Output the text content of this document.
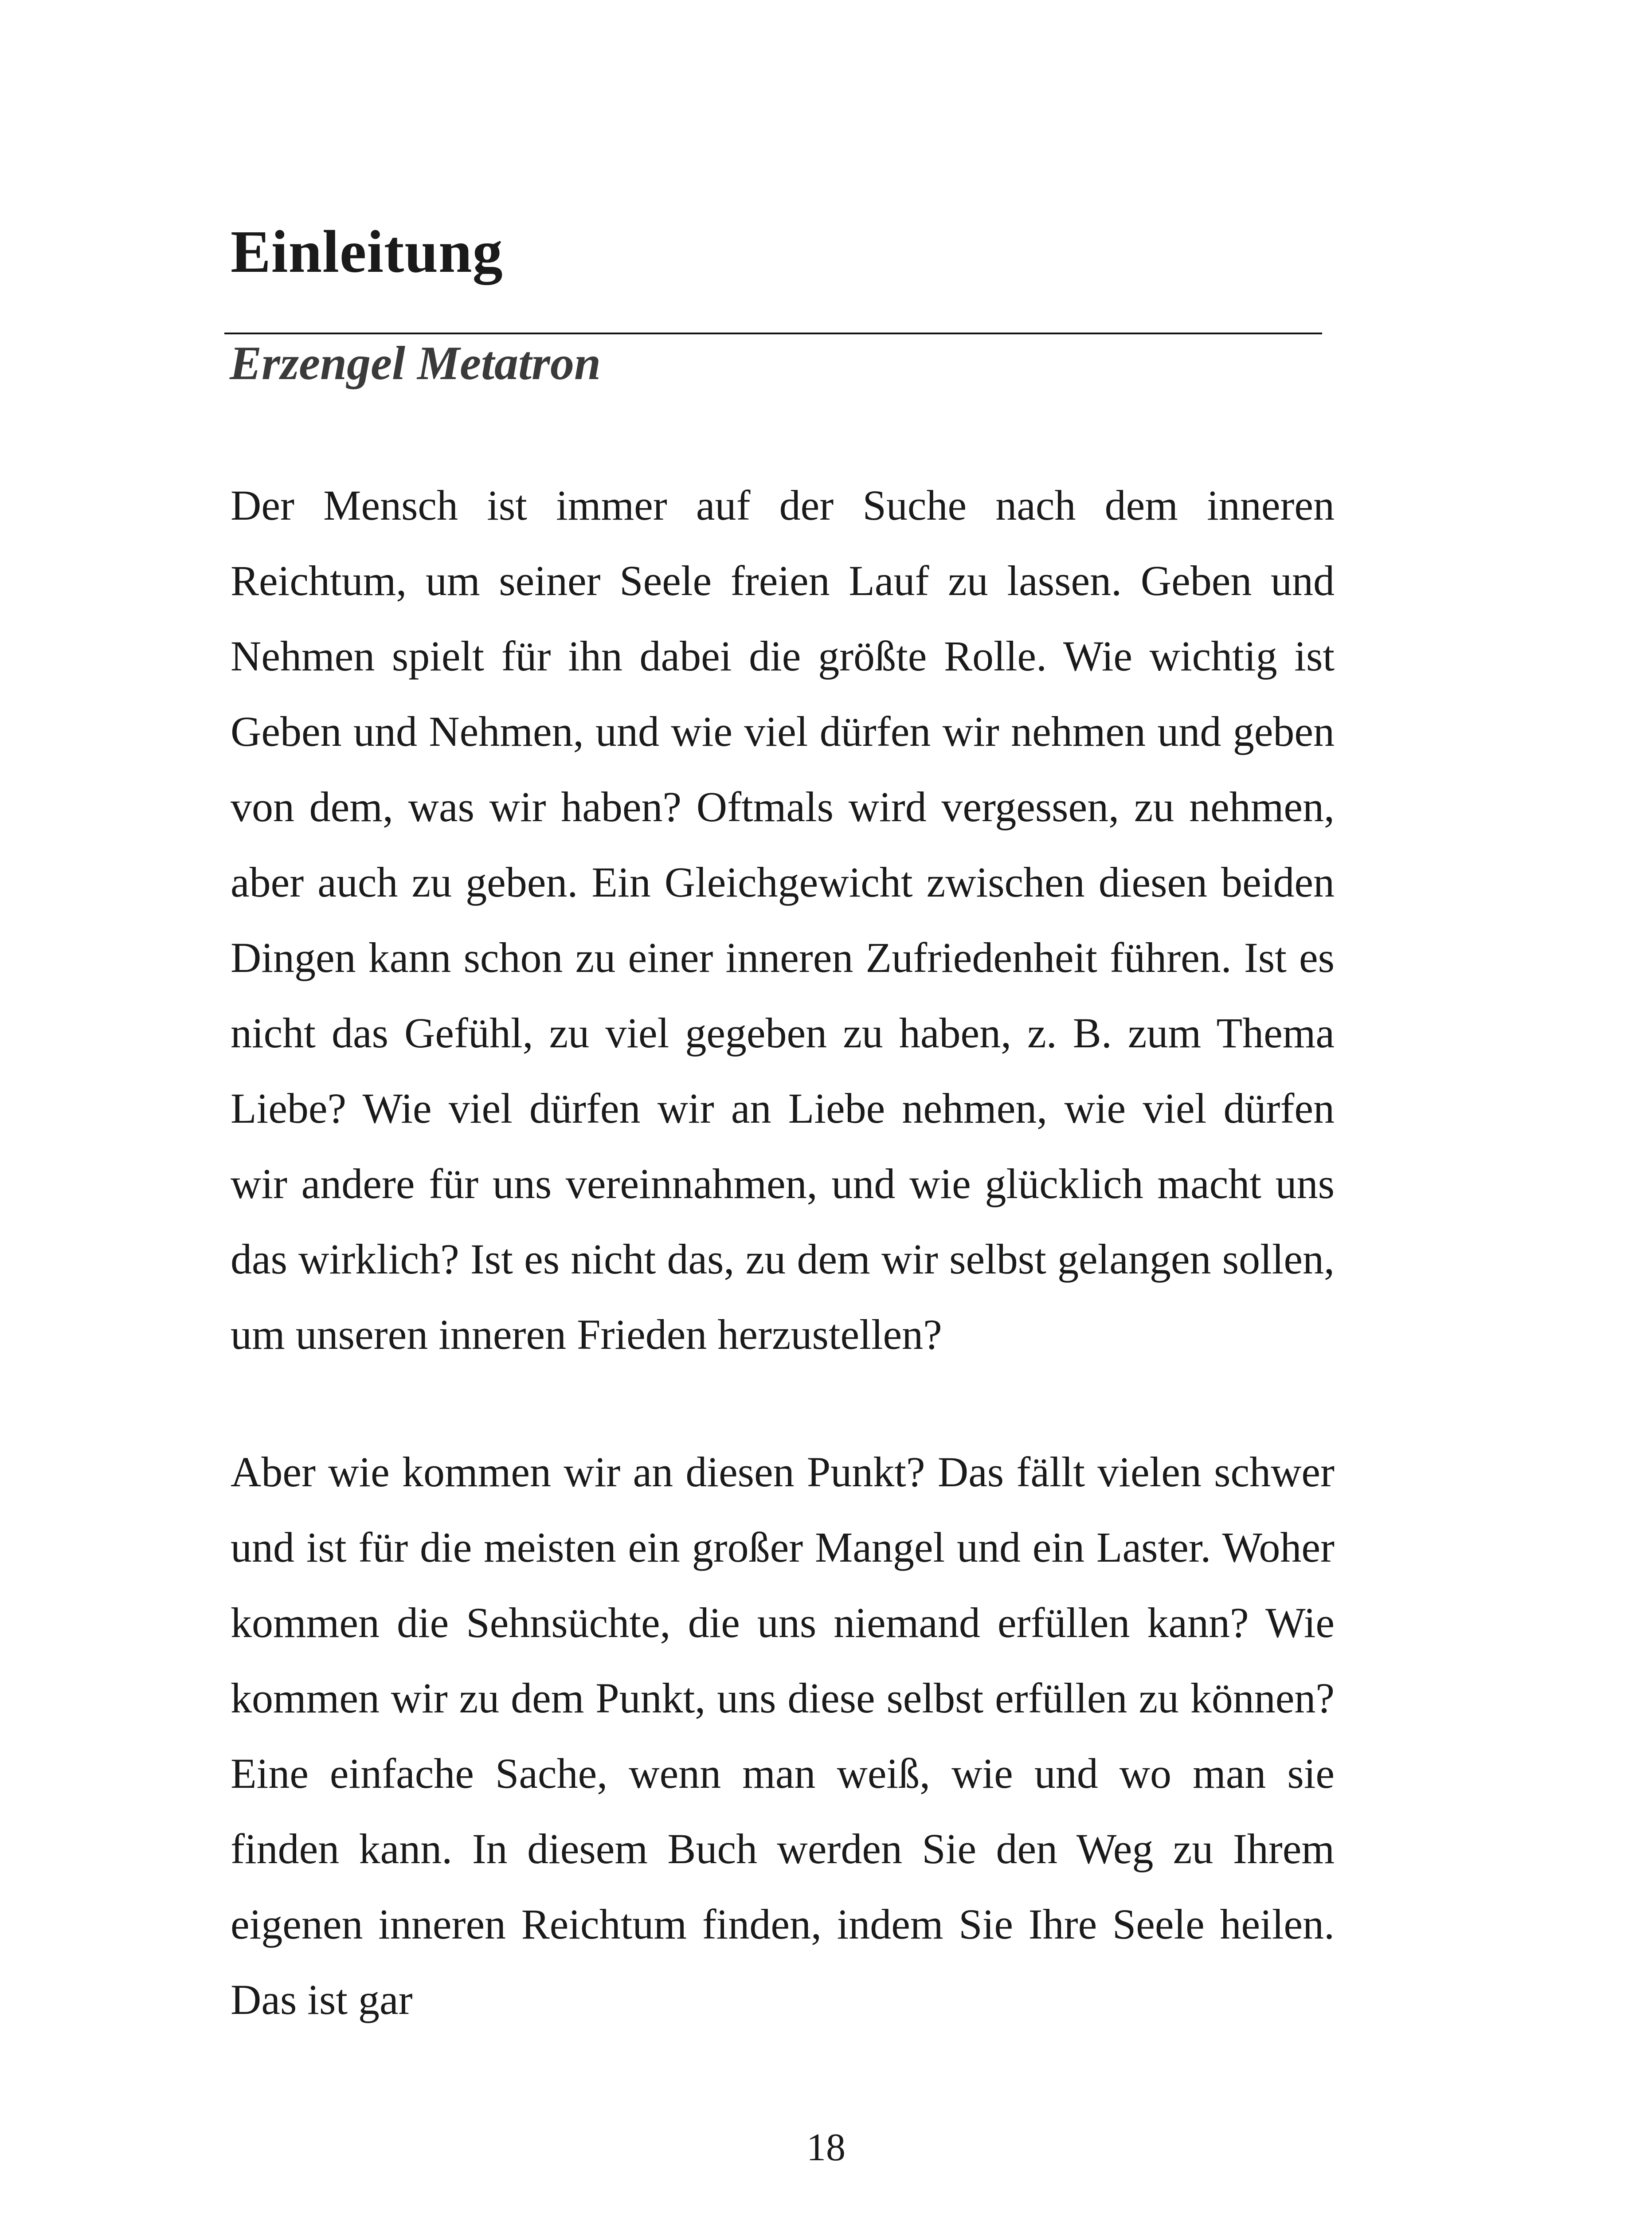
Einleitung
Erzengel Metatron

Der Mensch ist immer auf der Suche nach dem inneren Reichtum, um seiner Seele freien Lauf zu lassen. Geben und Nehmen spielt für ihn dabei die größte Rolle. Wie wichtig ist Geben und Nehmen, und wie viel dürfen wir nehmen und geben von dem, was wir haben? Oftmals wird vergessen, zu nehmen, aber auch zu geben. Ein Gleichgewicht zwischen diesen beiden Dingen kann schon zu einer inneren Zufriedenheit führen. Ist es nicht das Gefühl, zu viel gegeben zu haben, z. B. zum Thema Liebe? Wie viel dürfen wir an Liebe nehmen, wie viel dürfen wir andere für uns vereinnahmen, und wie glücklich macht uns das wirklich? Ist es nicht das, zu dem wir selbst gelangen sollen, um unseren inneren Frieden herzustellen?

Aber wie kommen wir an diesen Punkt? Das fällt vielen schwer und ist für die meisten ein großer Mangel und ein Laster. Woher kommen die Sehnsüchte, die uns niemand erfüllen kann? Wie kommen wir zu dem Punkt, uns diese selbst erfüllen zu können? Eine einfache Sache, wenn man weiß, wie und wo man sie finden kann. In diesem Buch werden Sie den Weg zu Ihrem eigenen inneren Reichtum finden, indem Sie Ihre Seele heilen. Das ist gar

18
